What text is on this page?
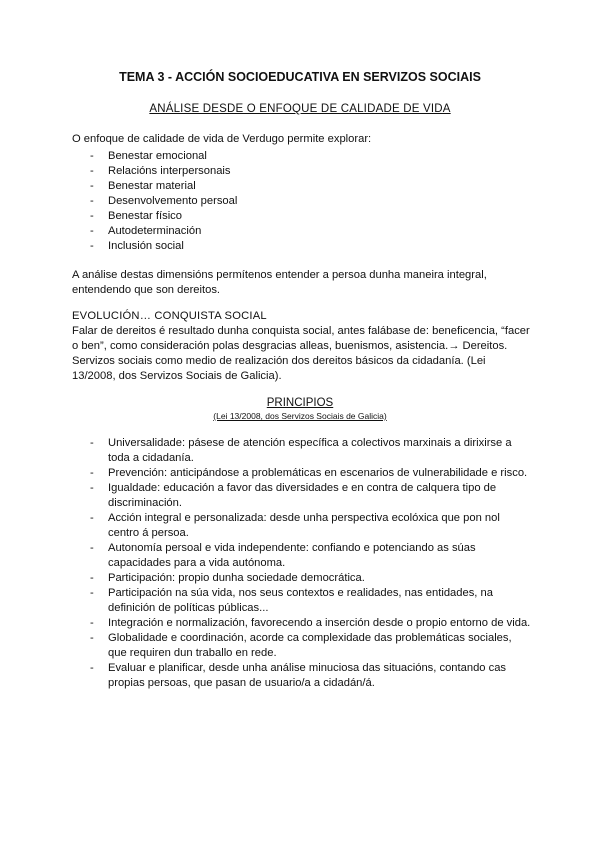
TEMA 3 - ACCIÓN SOCIOEDUCATIVA EN SERVIZOS SOCIAIS
ANÁLISE DESDE O ENFOQUE DE CALIDADE DE VIDA
O enfoque de calidade de vida de Verdugo permite explorar:
- Benestar emocional
- Relacións interpersonais
- Benestar material
- Desenvolvemento persoal
- Benestar físico
- Autodeterminación
- Inclusión social
A análise destas dimensións permítenos entender a persoa dunha maneira integral, entendendo que son dereitos.
EVOLUCIÓN… CONQUISTA SOCIAL
Falar de dereitos é resultado dunha conquista social, antes falábase de: beneficencia, “facer o ben”, como consideración polas desgracias alleas, buenismos, asistencia.→ Dereitos.
Servizos sociais como medio de realización dos dereitos básicos da cidadanía. (Lei 13/2008, dos Servizos Sociais de Galicia).
PRINCIPIOS
(Lei 13/2008, dos Servizos Sociais de Galicia)
- Universalidade: pásese de atención específica a colectivos marxinais a dirixirse a toda a cidadanía.
- Prevención: anticipándose a problemáticas en escenarios de vulnerabilidade e risco.
- Igualdade: educación a favor das diversidades e en contra de calquera tipo de discriminación.
- Acción integral e personalizada: desde unha perspectiva ecolóxica que pon nol centro á persoa.
- Autonomía persoal e vida independente: confiando e potenciando as súas capacidades para a vida autónoma.
- Participación: propio dunha sociedade democrática.
- Participación na súa vida, nos seus contextos e realidades, nas entidades, na definición de políticas públicas...
- Integración e normalización, favorecendo a inserción desde o propio entorno de vida.
- Globalidade e coordinación, acorde ca complexidade das problemáticas sociales, que requiren dun traballo en rede.
- Evaluar e planificar, desde unha análise minuciosa das situacións, contando cas propias persoas, que pasan de usuario/a a cidadán/á.
